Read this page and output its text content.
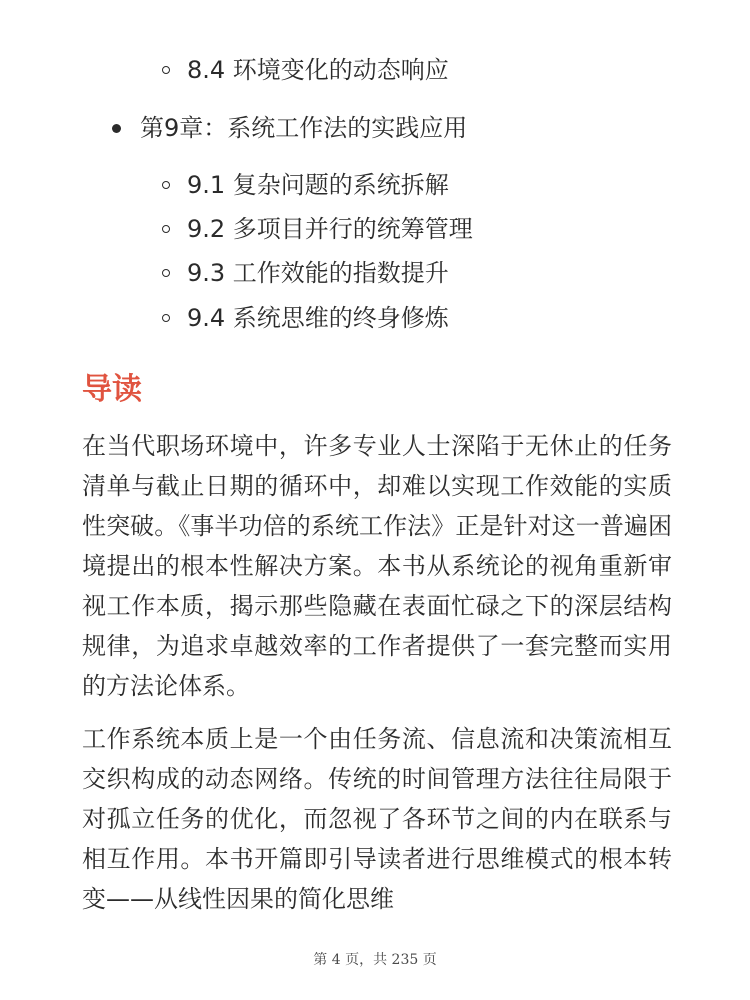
8.4 环境变化的动态响应
第9章：系统工作法的实践应用
9.1 复杂问题的系统拆解
9.2 多项目并行的统筹管理
9.3 工作效能的指数提升
9.4 系统思维的终身修炼
导读

在当代职场环境中，许多专业人士深陷于无休止的任务清单与截止日期的循环中，却难以实现工作效能的实质性突破。《事半功倍的系统工作法》正是针对这一普遍困境提出的根本性解决方案。本书从系统论的视角重新审视工作本质，揭示那些隐藏在表面忙碌之下的深层结构规律，为追求卓越效率的工作者提供了一套完整而实用的方法论体系。

工作系统本质上是一个由任务流、信息流和决策流相互交织构成的动态网络。传统的时间管理方法往往局限于对孤立任务的优化，而忽视了各环节之间的内在联系与相互作用。本书开篇即引导读者进行思维模式的根本转变——从线性因果的简化思维

第 4 页，共 235 页
